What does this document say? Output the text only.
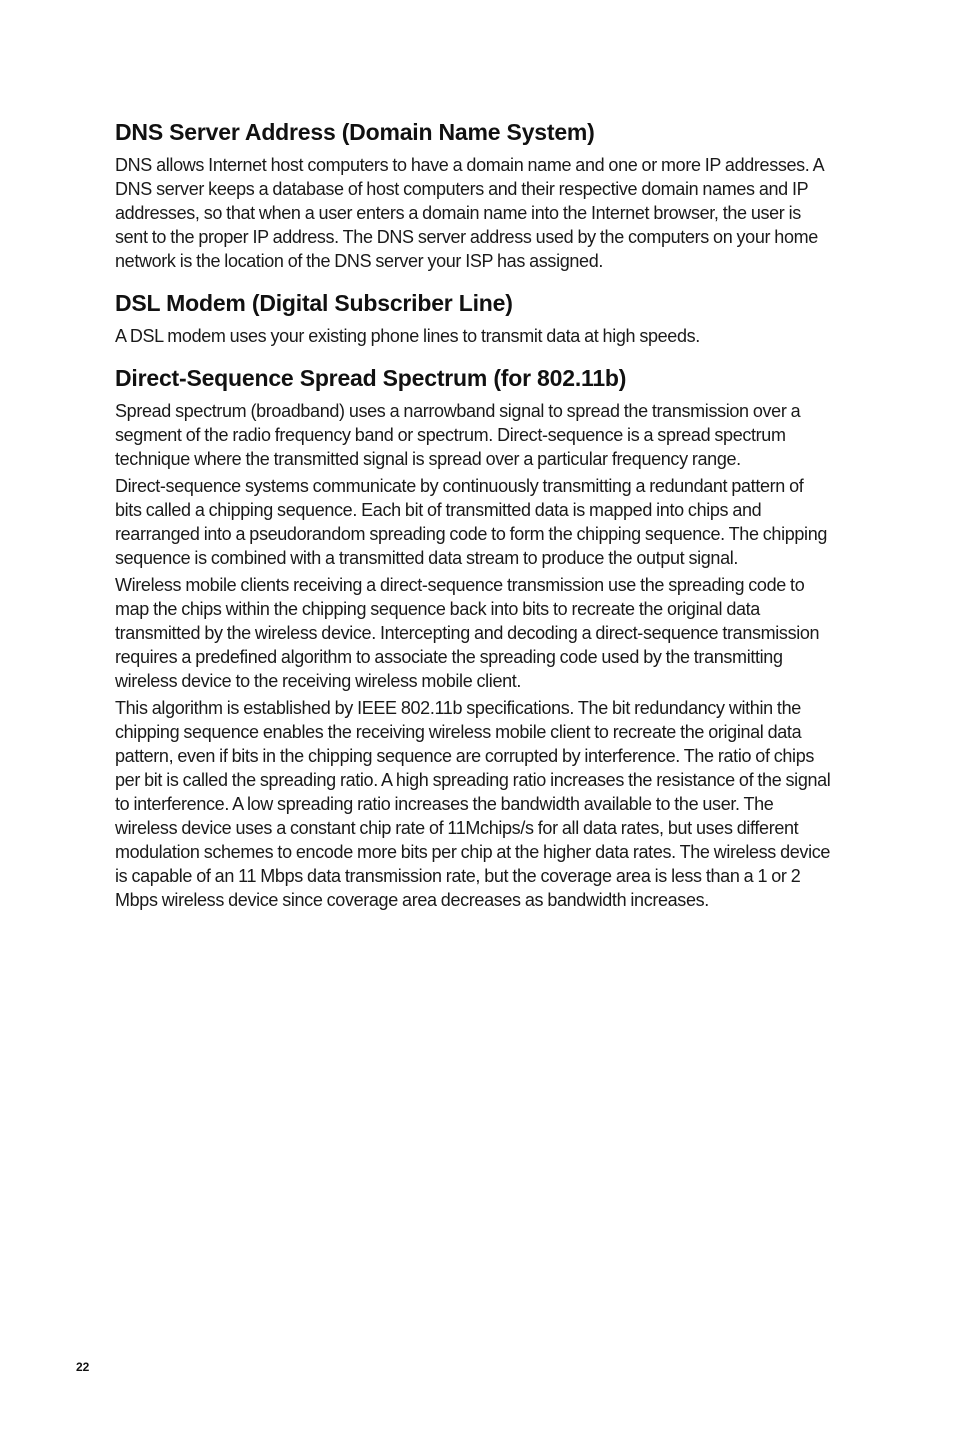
DNS Server Address (Domain Name System)

DNS allows Internet host computers to have a domain name and one or more IP addresses. A DNS server keeps a database of host computers and their respective domain names and IP addresses, so that when a user enters a domain name into the Internet browser, the user is sent to the proper IP address. The DNS server address used by the computers on your home network is the location of the DNS server your ISP has assigned.

DSL Modem (Digital Subscriber Line)

A DSL modem uses your existing phone lines to transmit data at high speeds.

Direct-Sequence Spread Spectrum (for 802.11b)

Spread spectrum (broadband) uses a narrowband signal to spread the transmission over a segment of the radio frequency band or spectrum. Direct-sequence is a spread spectrum technique where the transmitted signal is spread over a particular frequency range.

Direct-sequence systems communicate by continuously transmitting a redundant pattern of bits called a chipping sequence. Each bit of transmitted data is mapped into chips and rearranged into a pseudorandom spreading code to form the chipping sequence. The chipping sequence is combined with a transmitted data stream to produce the output signal.

Wireless mobile clients receiving a direct-sequence transmission use the spreading code to map the chips within the chipping sequence back into bits to recreate the original data transmitted by the wireless device. Intercepting and decoding a direct-sequence transmission requires a predefined algorithm to associate the spreading code used by the transmitting wireless device to the receiving wireless mobile client.

This algorithm is established by IEEE 802.11b specifications. The bit redundancy within the chipping sequence enables the receiving wireless mobile client to recreate the original data pattern, even if bits in the chipping sequence are corrupted by interference. The ratio of chips per bit is called the spreading ratio. A high spreading ratio increases the resistance of the signal to interference. A low spreading ratio increases the bandwidth available to the user. The wireless device uses a constant chip rate of 11Mchips/s for all data rates, but uses different modulation schemes to encode more bits per chip at the higher data rates. The wireless device is capable of an 11 Mbps data transmission rate, but the coverage area is less than a 1 or 2 Mbps wireless device since coverage area decreases as bandwidth increases.

22
